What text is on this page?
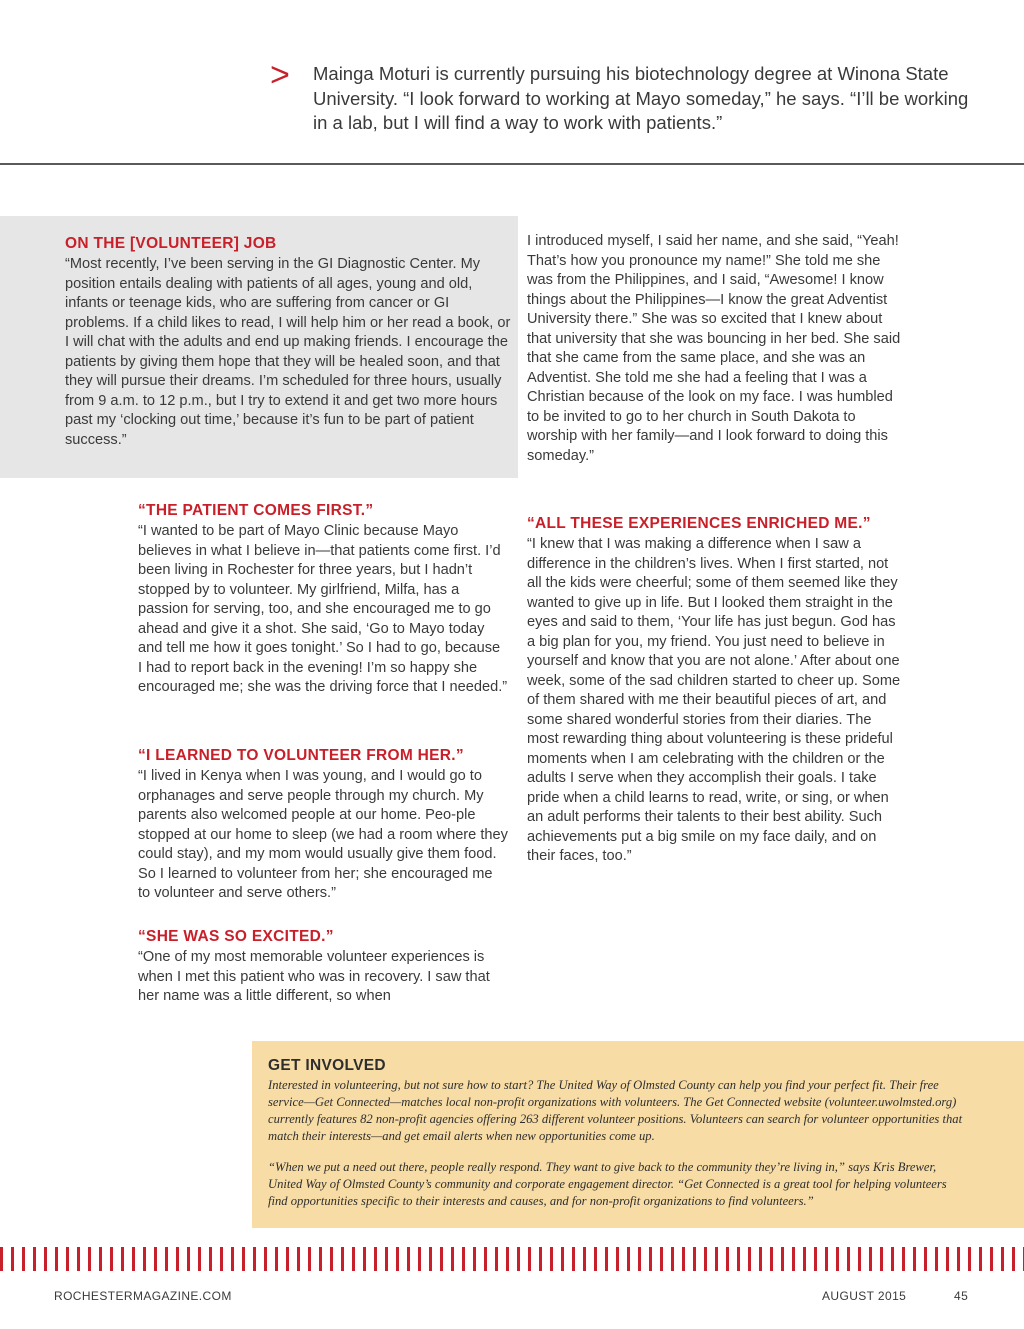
> Mainga Moturi is currently pursuing his biotechnology degree at Winona State University. “I look forward to working at Mayo someday,” he says. “I’ll be working in a lab, but I will find a way to work with patients.”

ON THE [VOLUNTEER] JOB

“Most recently, I’ve been serving in the GI Diagnostic Center. My position entails dealing with patients of all ages, young and old, infants or teenage kids, who are suffering from cancer or GI problems. If a child likes to read, I will help him or her read a book, or I will chat with the adults and end up making friends. I encourage the patients by giving them hope that they will be healed soon, and that they will pursue their dreams. I’m scheduled for three hours, usually from 9 a.m. to 12 p.m., but I try to extend it and get two more hours past my ‘clocking out time,’ because it’s fun to be part of patient success.”

“THE PATIENT COMES FIRST.”

“I wanted to be part of Mayo Clinic because Mayo believes in what I believe in—that patients come first. I’d been living in Rochester for three years, but I hadn’t stopped by to volunteer. My girlfriend, Milfa, has a passion for serving, too, and she encouraged me to go ahead and give it a shot. She said, ‘Go to Mayo today and tell me how it goes tonight.’ So I had to go, because I had to report back in the evening! I’m so happy she encouraged me; she was the driving force that I needed.”

“I LEARNED TO VOLUNTEER FROM HER.”

“I lived in Kenya when I was young, and I would go to orphanages and serve people through my church. My parents also welcomed people at our home. Peo-ple stopped at our home to sleep (we had a room where they could stay), and my mom would usually give them food. So I learned to volunteer from her; she encouraged me to volunteer and serve others.”

“SHE WAS SO EXCITED.”

“One of my most memorable volunteer experiences is when I met this patient who was in recovery. I saw that her name was a little different, so when

I introduced myself, I said her name, and she said, “Yeah! That’s how you pronounce my name!” She told me she was from the Philippines, and I said, “Awesome! I know things about the Philippines—I know the great Adventist University there.” She was so excited that I knew about that university that she was bouncing in her bed. She said that she came from the same place, and she was an Adventist. She told me she had a feeling that I was a Christian because of the look on my face. I was humbled to be invited to go to her church in South Dakota to worship with her family—and I look forward to doing this someday.”

“ALL THESE EXPERIENCES ENRICHED ME.”

“I knew that I was making a difference when I saw a difference in the children’s lives. When I first started, not all the kids were cheerful; some of them seemed like they wanted to give up in life. But I looked them straight in the eyes and said to them, ‘Your life has just begun. God has a big plan for you, my friend. You just need to believe in yourself and know that you are not alone.’ After about one week, some of the sad children started to cheer up. Some of them shared with me their beautiful pieces of art, and some shared wonderful stories from their diaries. The most rewarding thing about volunteering is these prideful moments when I am celebrating with the children or the adults I serve when they accomplish their goals. I take pride when a child learns to read, write, or sing, or when an adult performs their talents to their best ability. Such achievements put a big smile on my face daily, and on their faces, too.”

GET INVOLVED

Interested in volunteering, but not sure how to start? The United Way of Olmsted County can help you find your perfect fit. Their free service—Get Connected—matches local non-profit organizations with volunteers. The Get Connected website (volunteer.uwolmsted.org) currently features 82 non-profit agencies offering 263 different volunteer positions. Volunteers can search for volunteer opportunities that match their interests—and get email alerts when new opportunities come up.

“When we put a need out there, people really respond. They want to give back to the community they’re living in,” says Kris Brewer, United Way of Olmsted County’s community and corporate engagement director. “Get Connected is a great tool for helping volunteers find opportunities specific to their interests and causes, and for non-profit organizations to find volunteers.”

ROCHESTERMAGAZINE.COM	AUGUST 2015	45
